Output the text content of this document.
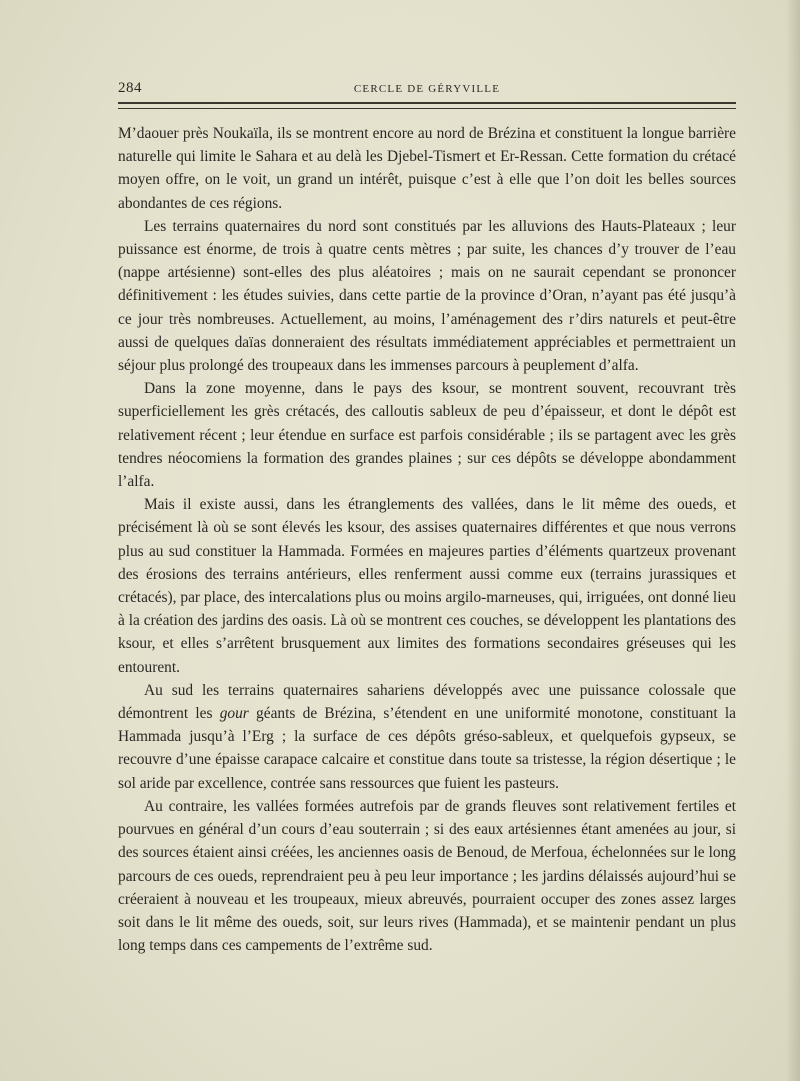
284	CERCLE DE GÉRYVILLE

M’daouer près Noukaïla, ils se montrent encore au nord de Brézina et constituent la longue barrière naturelle qui limite le Sahara et au delà les Djebel-Tismert et Er-Ressan. Cette formation du crétacé moyen offre, on le voit, un grand un intérêt, puisque c’est à elle que l’on doit les belles sources abondantes de ces régions.

Les terrains quaternaires du nord sont constitués par les alluvions des Hauts-Plateaux ; leur puissance est énorme, de trois à quatre cents mètres ; par suite, les chances d’y trouver de l’eau (nappe artésienne) sont-elles des plus aléatoires ; mais on ne saurait cependant se prononcer définitivement : les études suivies, dans cette partie de la province d’Oran, n’ayant pas été jusqu’à ce jour très nombreuses. Actuellement, au moins, l’aménagement des r’dirs naturels et peut-être aussi de quelques daïas donneraient des résultats immédiatement appréciables et permettraient un séjour plus prolongé des troupeaux dans les immenses parcours à peuplement d’alfa.

Dans la zone moyenne, dans le pays des ksour, se montrent souvent, recouvrant très superficiellement les grès crétacés, des calloutis sableux de peu d’épaisseur, et dont le dépôt est relativement récent ; leur étendue en surface est parfois considérable ; ils se partagent avec les grès tendres néocomiens la formation des grandes plaines ; sur ces dépôts se développe abondamment l’alfa.

Mais il existe aussi, dans les étranglements des vallées, dans le lit même des oueds, et précisément là où se sont élevés les ksour, des assises quaternaires différentes et que nous verrons plus au sud constituer la Hammada. Formées en majeures parties d’éléments quartzeux provenant des érosions des terrains antérieurs, elles renferment aussi comme eux (terrains jurassiques et crétacés), par place, des intercalations plus ou moins argilo-marneuses, qui, irriguées, ont donné lieu à la création des jardins des oasis. Là où se montrent ces couches, se développent les plantations des ksour, et elles s’arrêtent brusquement aux limites des formations secondaires gréseuses qui les entourent.

Au sud les terrains quaternaires sahariens développés avec une puissance colossale que démontrent les gour géants de Brézina, s’étendent en une uniformité monotone, constituant la Hammada jusqu’à l’Erg ; la surface de ces dépôts gréso-sableux, et quelquefois gypseux, se recouvre d’une épaisse carapace calcaire et constitue dans toute sa tristesse, la région désertique ; le sol aride par excellence, contrée sans ressources que fuient les pasteurs.

Au contraire, les vallées formées autrefois par de grands fleuves sont relativement fertiles et pourvues en général d’un cours d’eau souterrain ; si des eaux artésiennes étant amenées au jour, si des sources étaient ainsi créées, les anciennes oasis de Benoud, de Merfoua, échelonnées sur le long parcours de ces oueds, reprendraient peu à peu leur importance ; les jardins délaissés aujourd’hui se créeraient à nouveau et les troupeaux, mieux abreuvés, pourraient occuper des zones assez larges soit dans le lit même des oueds, soit, sur leurs rives (Hammada), et se maintenir pendant un plus long temps dans ces campements de l’extrême sud.
